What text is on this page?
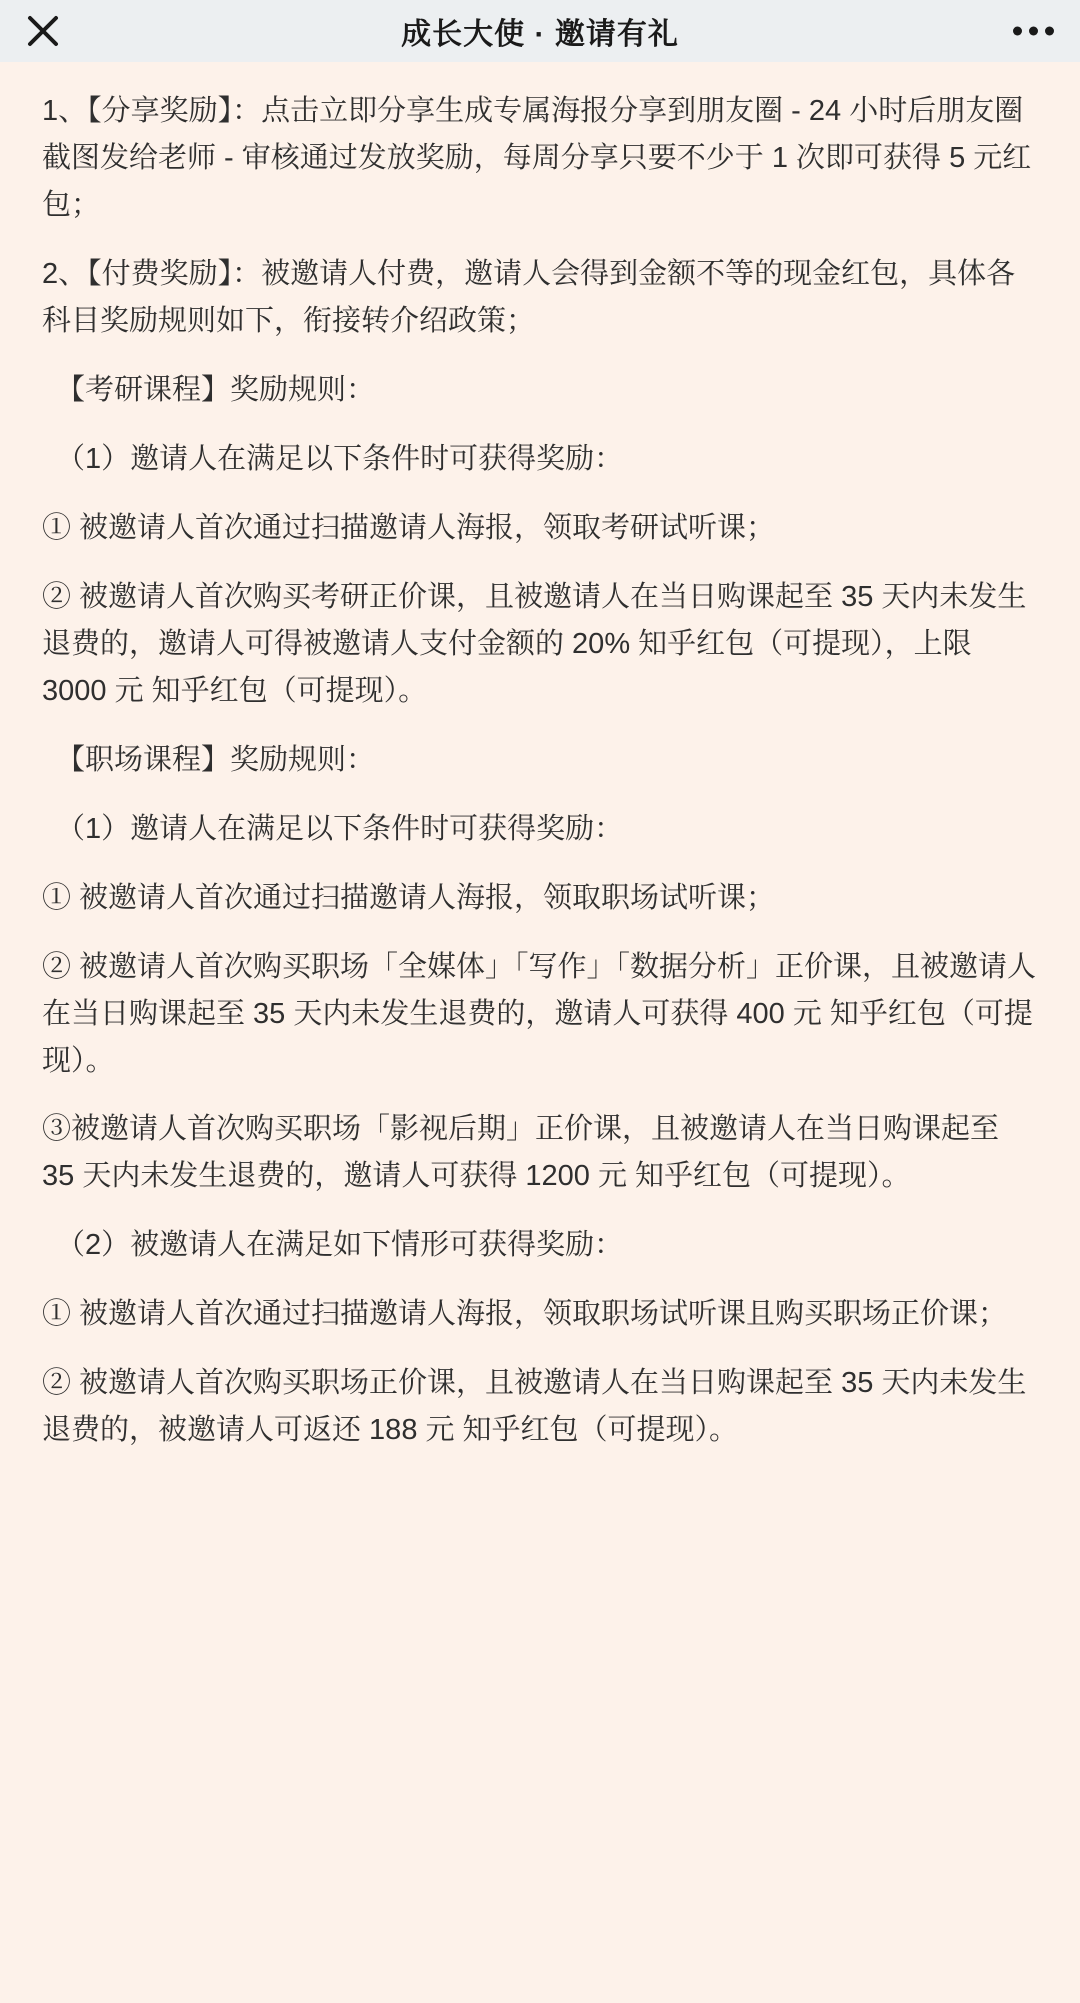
成长大使 · 邀请有礼

1、【分享奖励】：点击立即分享生成专属海报分享到朋友圈 - 24 小时后朋友圈截图发给老师 - 审核通过发放奖励，每周分享只要不少于 1 次即可获得 5 元红包；

2、【付费奖励】：被邀请人付费，邀请人会得到金额不等的现金红包，具体各科目奖励规则如下，衔接转介绍政策；

【考研课程】奖励规则：

（1）邀请人在满足以下条件时可获得奖励：

① 被邀请人首次通过扫描邀请人海报，领取考研试听课；

② 被邀请人首次购买考研正价课，且被邀请人在当日购课起至 35 天内未发生退费的，邀请人可得被邀请人支付金额的 20% 知乎红包（可提现），上限 3000 元 知乎红包（可提现）。

【职场课程】奖励规则：

（1）邀请人在满足以下条件时可获得奖励：

① 被邀请人首次通过扫描邀请人海报，领取职场试听课；

② 被邀请人首次购买职场「全媒体」「写作」「数据分析」正价课，且被邀请人在当日购课起至 35 天内未发生退费的，邀请人可获得 400 元 知乎红包（可提现）。

③被邀请人首次购买职场「影视后期」正价课，且被邀请人在当日购课起至 35 天内未发生退费的，邀请人可获得 1200 元 知乎红包（可提现）。

（2）被邀请人在满足如下情形可获得奖励：

① 被邀请人首次通过扫描邀请人海报，领取职场试听课且购买职场正价课；

② 被邀请人首次购买职场正价课，且被邀请人在当日购课起至 35 天内未发生退费的，被邀请人可返还 188 元 知乎红包（可提现）。
